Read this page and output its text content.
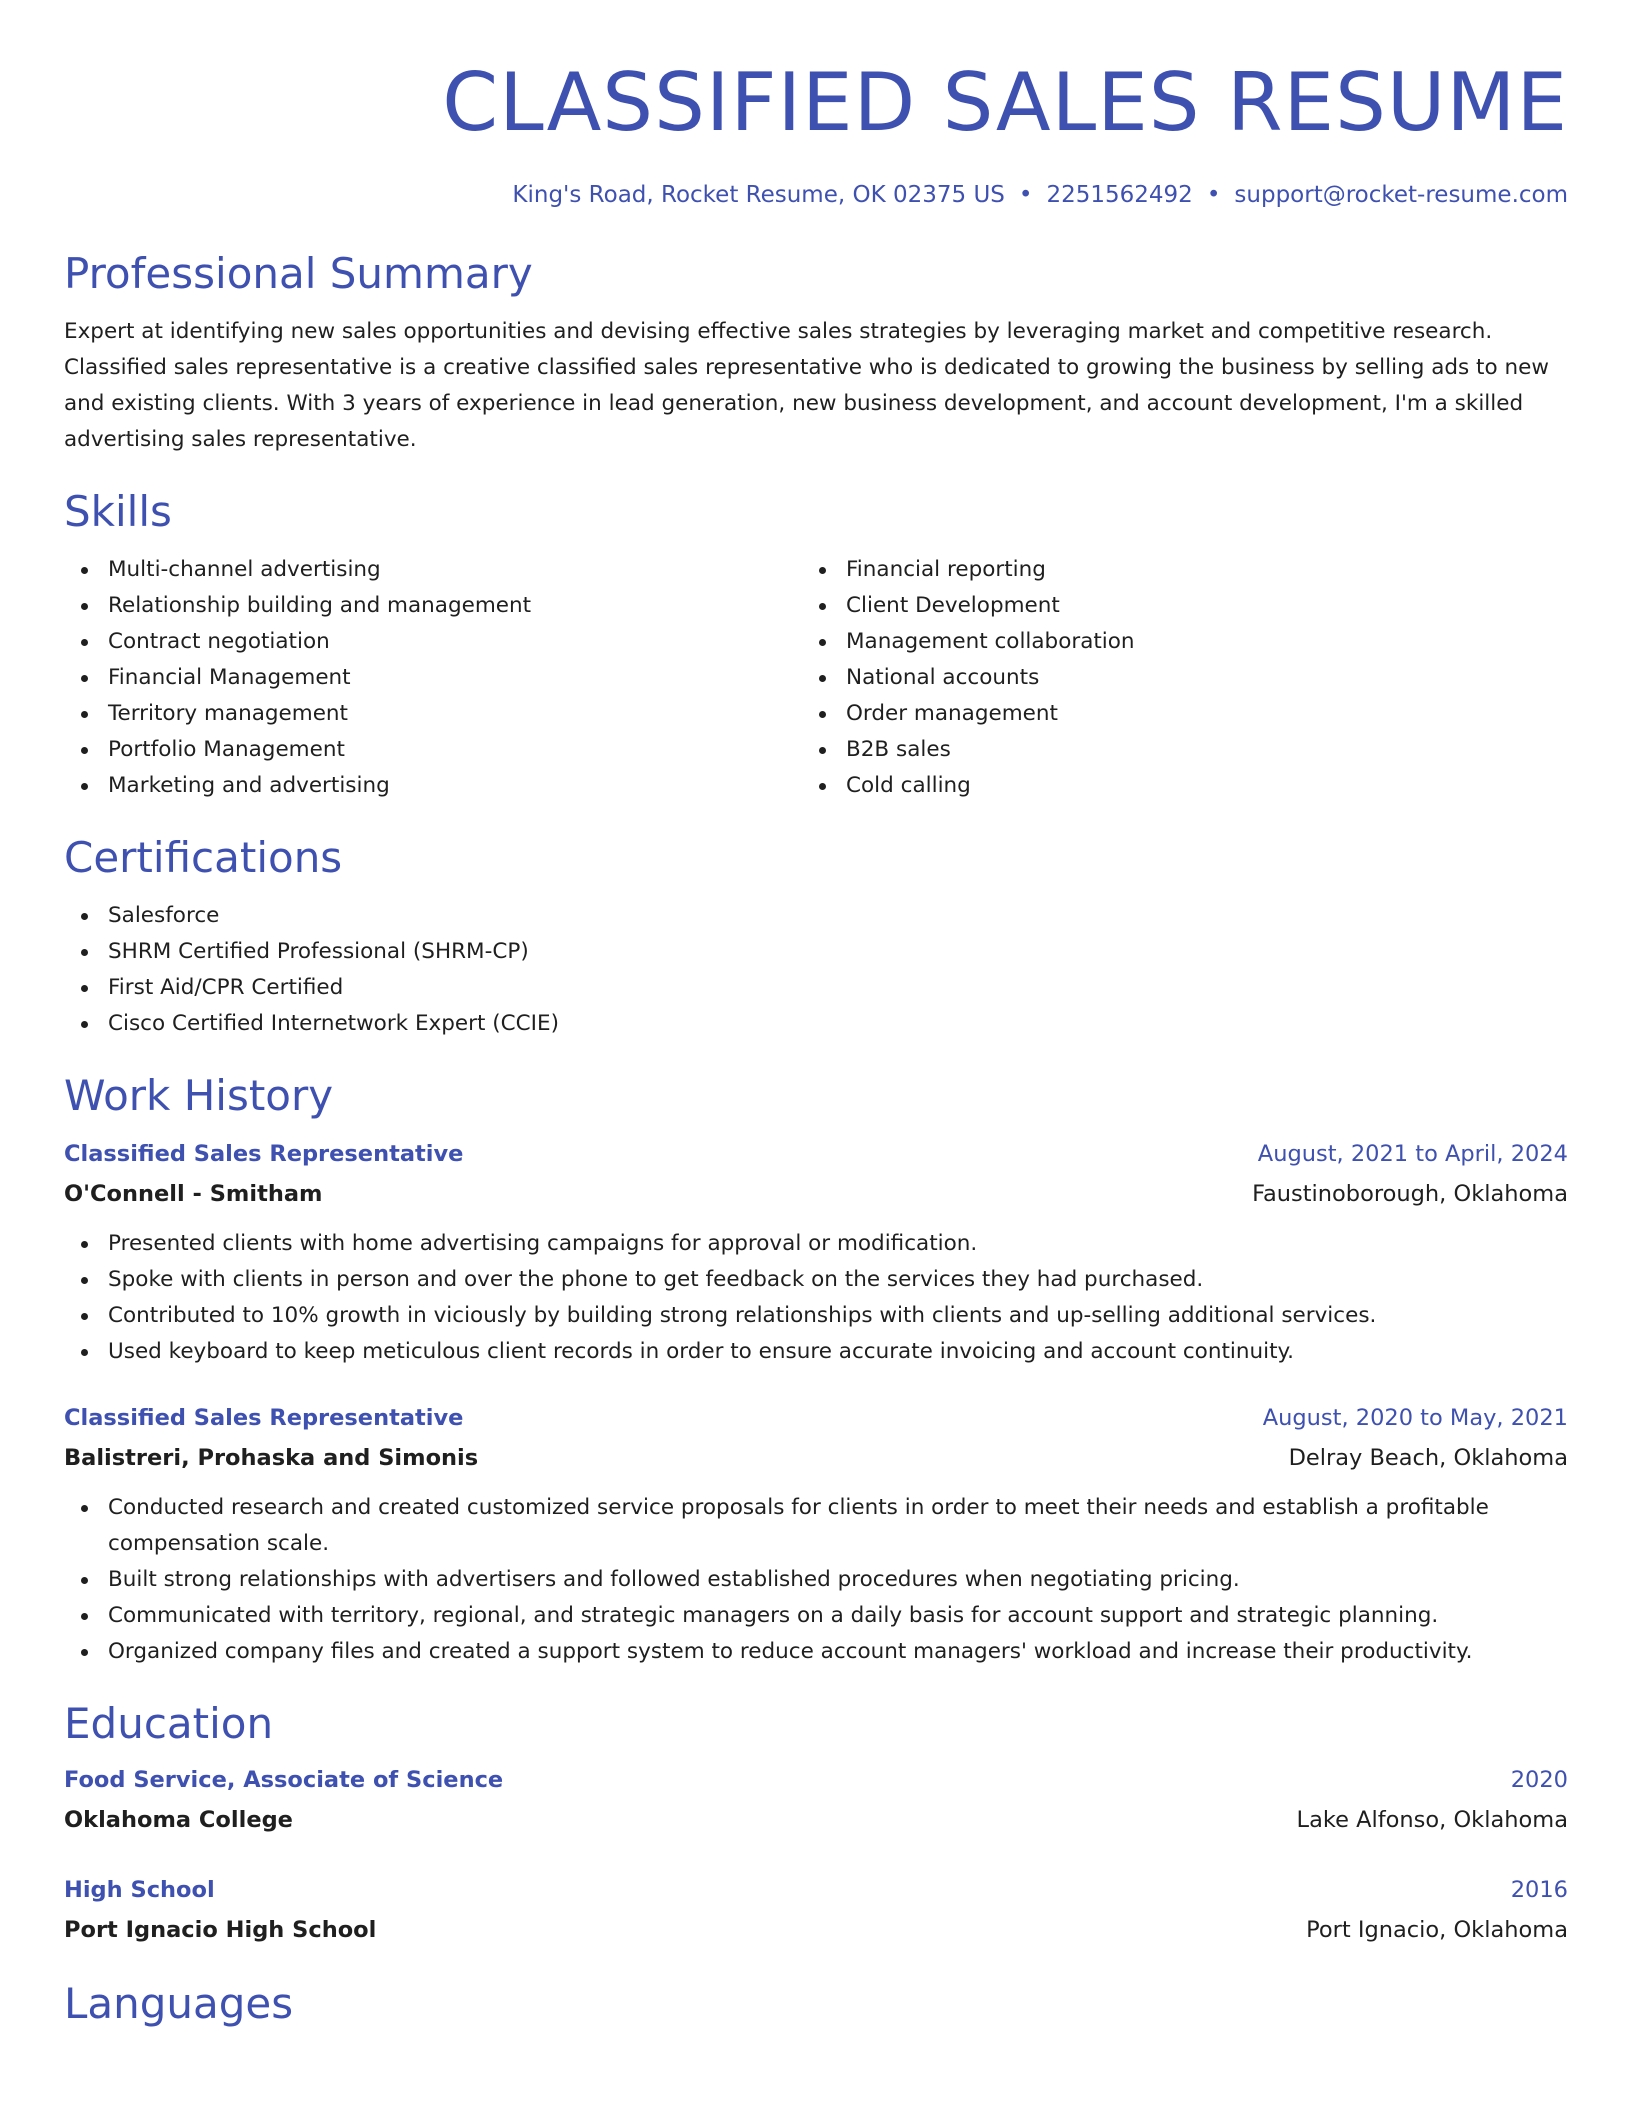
CLASSIFIED SALES RESUME
King's Road, Rocket Resume, OK 02375 US • 2251562492 • support@rocket-resume.com
Professional Summary

Expert at identifying new sales opportunities and devising effective sales strategies by leveraging market and competitive research. Classified sales representative is a creative classified sales representative who is dedicated to growing the business by selling ads to new and existing clients. With 3 years of experience in lead generation, new business development, and account development, I'm a skilled advertising sales representative.

Skills
Multi-channel advertising
Relationship building and management
Contract negotiation
Financial Management
Territory management
Portfolio Management
Marketing and advertising
Financial reporting
Client Development
Management collaboration
National accounts
Order management
B2B sales
Cold calling
Certifications
Salesforce
SHRM Certified Professional (SHRM-CP)
First Aid/CPR Certified
Cisco Certified Internetwork Expert (CCIE)
Work History
Classified Sales Representative	August, 2021 to April, 2024
O'Connell - Smitham	Faustinoborough, Oklahoma
Presented clients with home advertising campaigns for approval or modification.
Spoke with clients in person and over the phone to get feedback on the services they had purchased.
Contributed to 10% growth in viciously by building strong relationships with clients and up-selling additional services.
Used keyboard to keep meticulous client records in order to ensure accurate invoicing and account continuity.
Classified Sales Representative	August, 2020 to May, 2021
Balistreri, Prohaska and Simonis	Delray Beach, Oklahoma
Conducted research and created customized service proposals for clients in order to meet their needs and establish a profitable compensation scale.
Built strong relationships with advertisers and followed established procedures when negotiating pricing.
Communicated with territory, regional, and strategic managers on a daily basis for account support and strategic planning.
Organized company files and created a support system to reduce account managers' workload and increase their productivity.
Education
Food Service, Associate of Science	2020
Oklahoma College	Lake Alfonso, Oklahoma
High School	2016
Port Ignacio High School	Port Ignacio, Oklahoma
Languages
